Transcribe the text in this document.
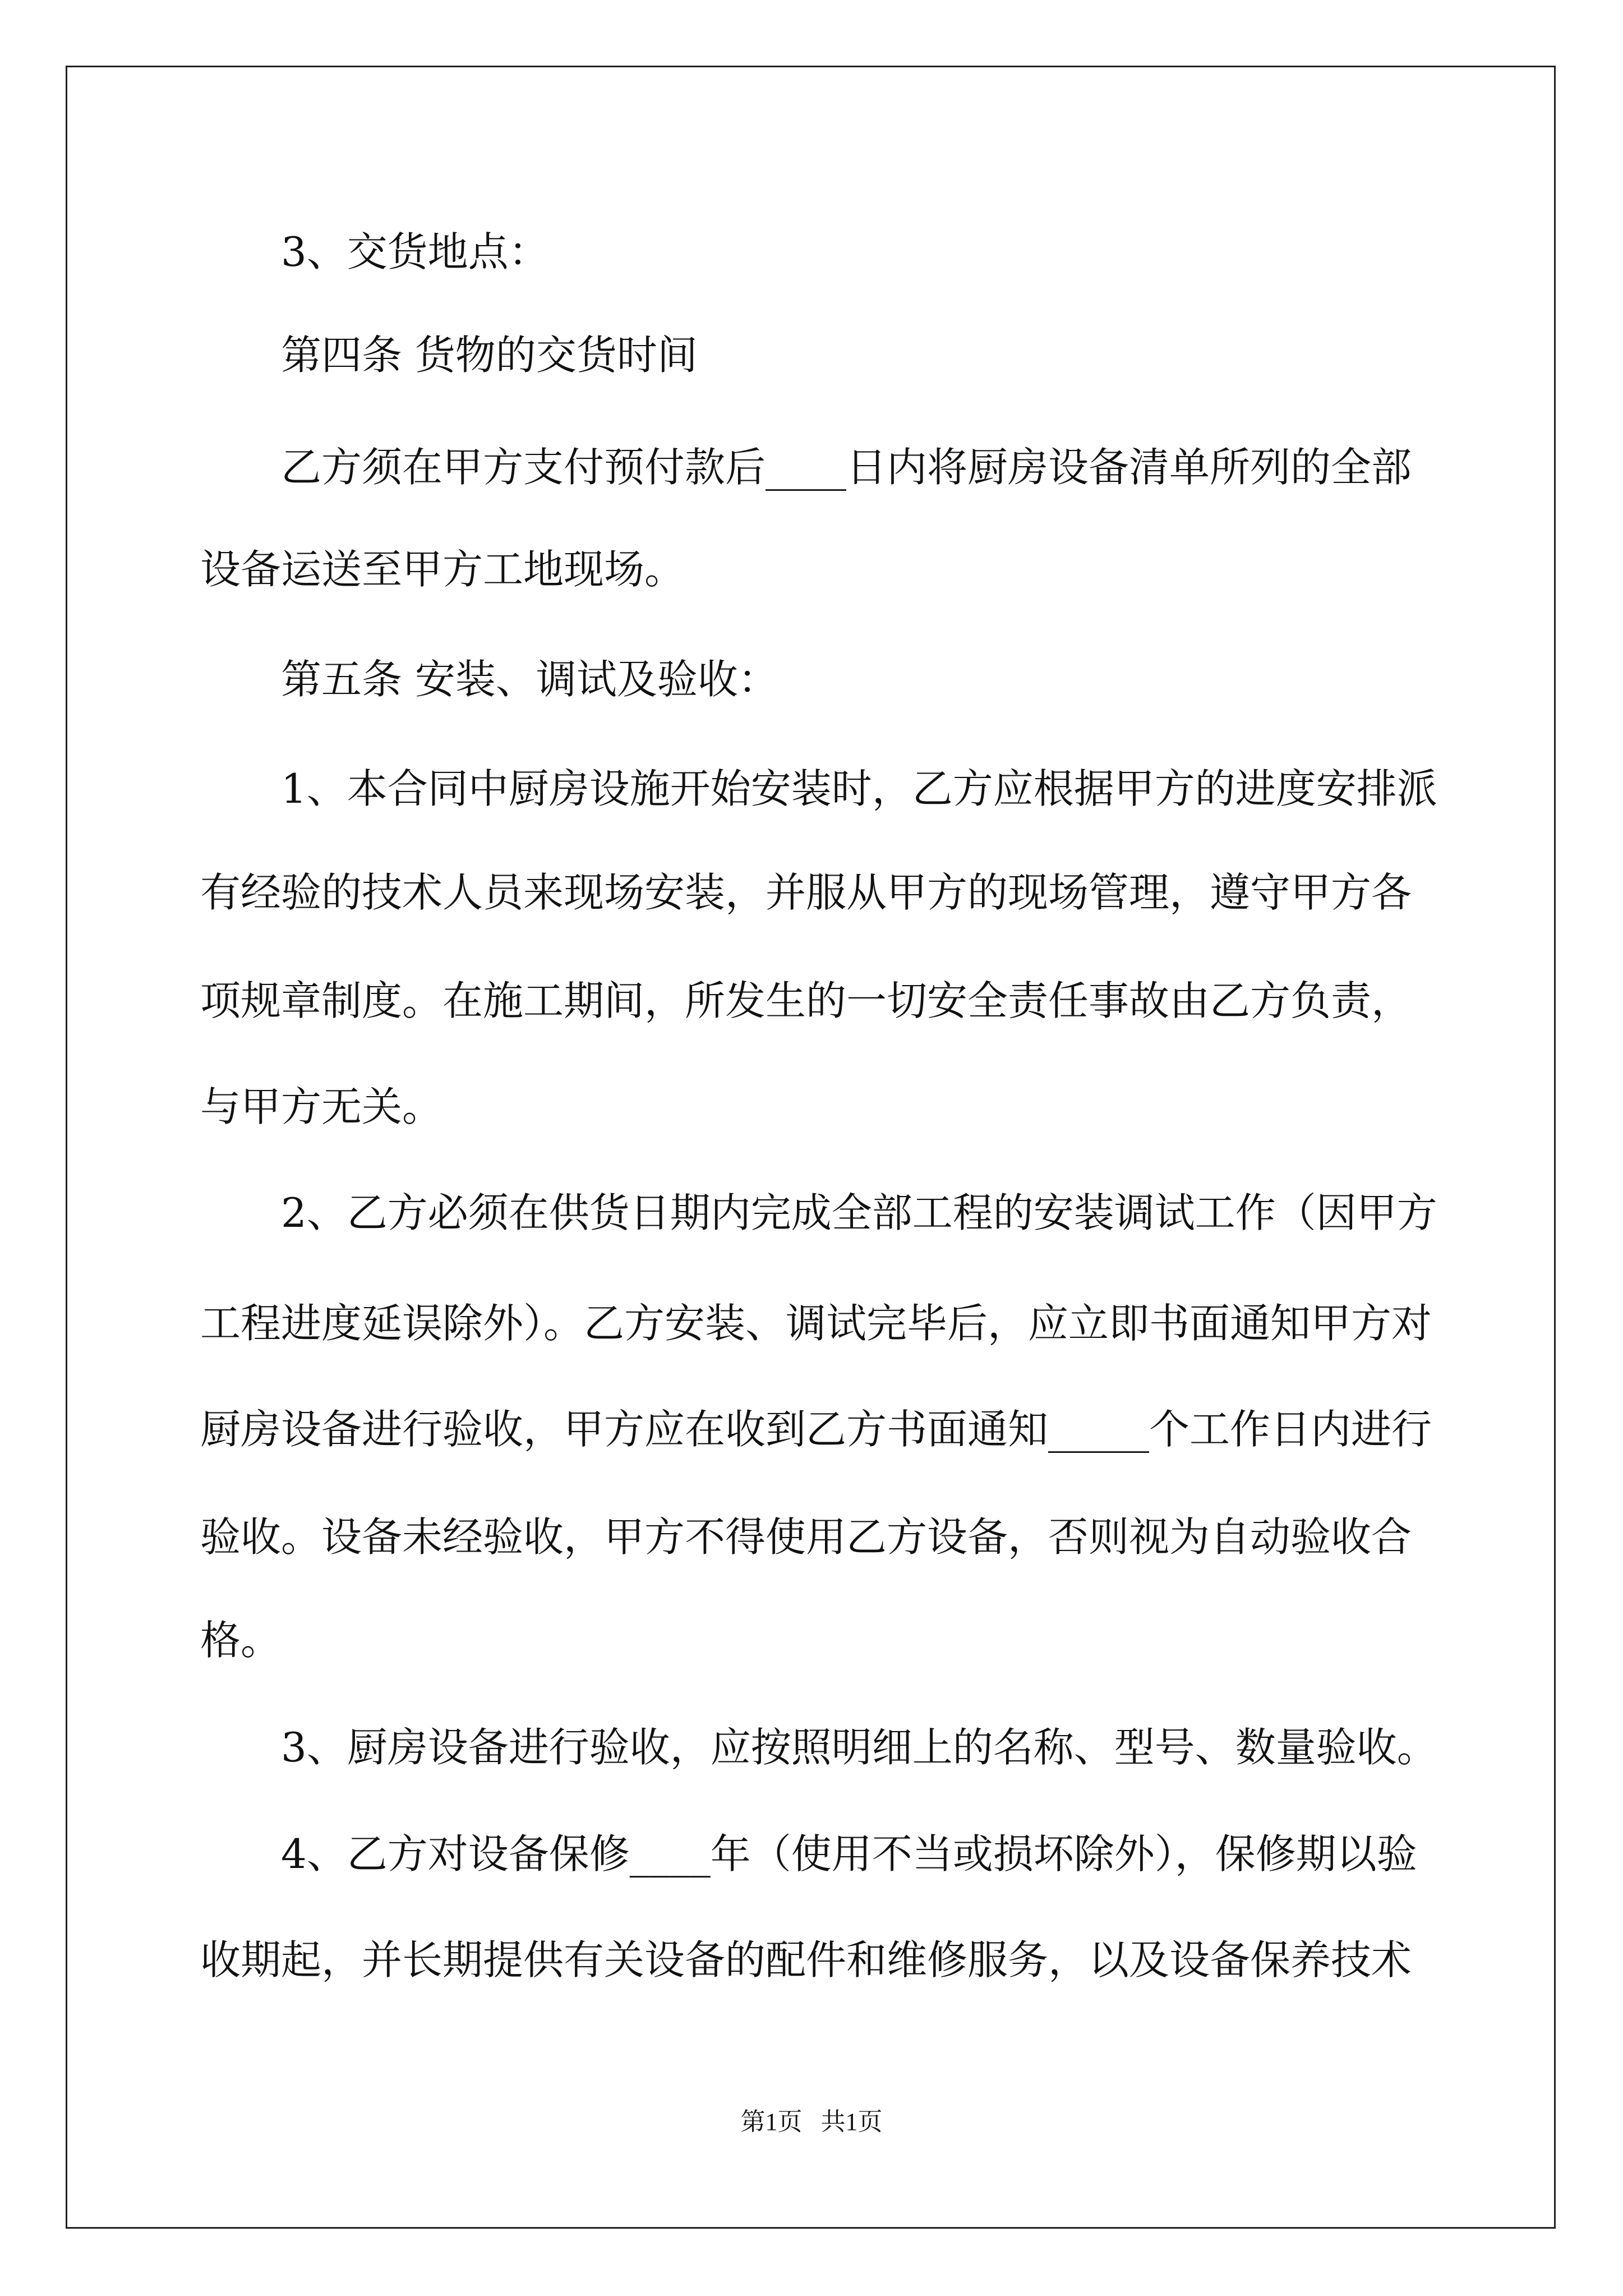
3、交货地点：
第四条 货物的交货时间
乙方须在甲方支付预付款后____日内将厨房设备清单所列的全部
设备运送至甲方工地现场。
第五条 安装、调试及验收：
1、本合同中厨房设施开始安装时，乙方应根据甲方的进度安排派
有经验的技术人员来现场安装，并服从甲方的现场管理，遵守甲方各
项规章制度。在施工期间，所发生的一切安全责任事故由乙方负责，
与甲方无关。
2、乙方必须在供货日期内完成全部工程的安装调试工作（因甲方
工程进度延误除外）。乙方安装、调试完毕后，应立即书面通知甲方对
厨房设备进行验收，甲方应在收到乙方书面通知_____个工作日内进行
验收。设备未经验收，甲方不得使用乙方设备，否则视为自动验收合
格。
3、厨房设备进行验收，应按照明细上的名称、型号、数量验收。
4、乙方对设备保修____年（使用不当或损坏除外），保修期以验
收期起，并长期提供有关设备的配件和维修服务，以及设备保养技术
第1页   共1页
